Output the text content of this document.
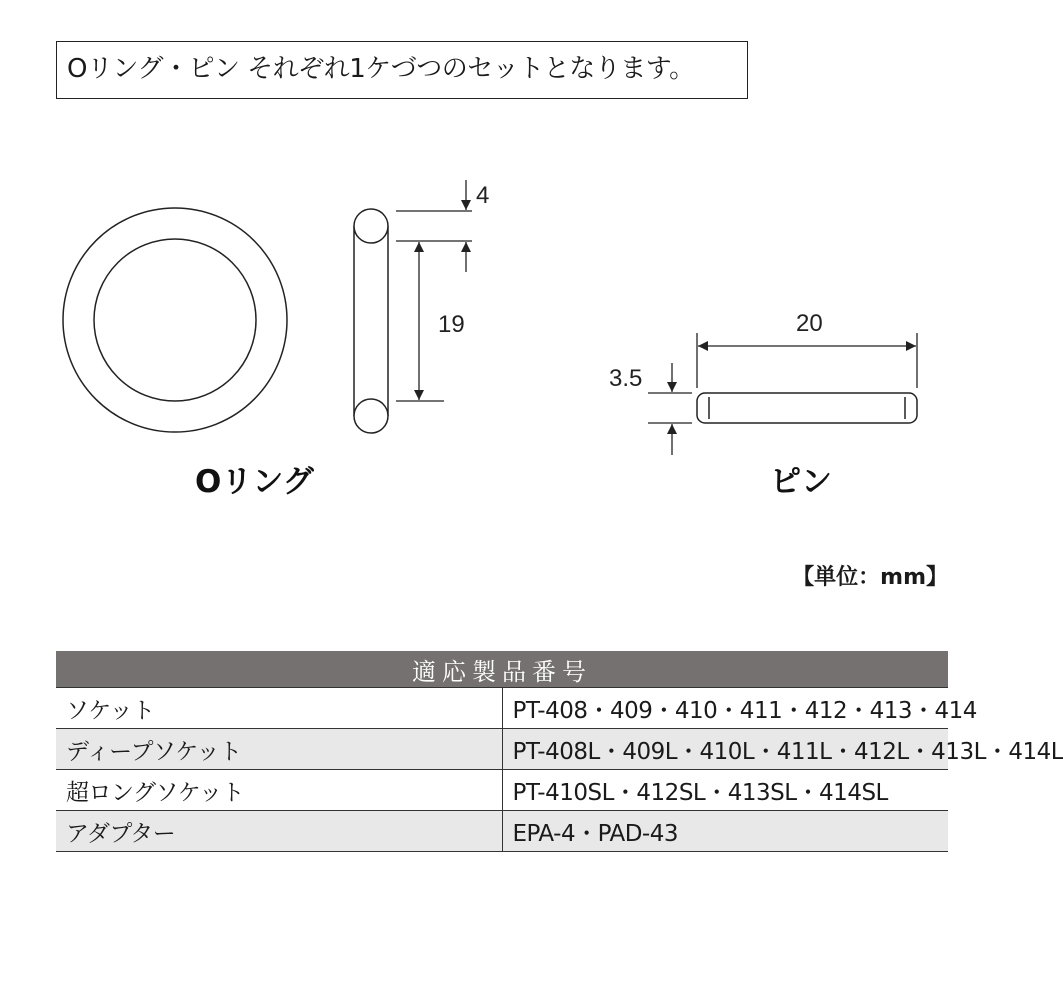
Oリング・ピン それぞれ1ケづつのセットとなります。
4
19
Oリング
20
3.5
ピン
【単位：mm】
適応製品番号	
ソケット	PT-408・409・410・411・412・413・414
ディープソケット	PT-408L・409L・410L・411L・412L・413L・414L
超ロングソケット	PT-410SL・412SL・413SL・414SL
アダプター	EPA-4・PAD-43
